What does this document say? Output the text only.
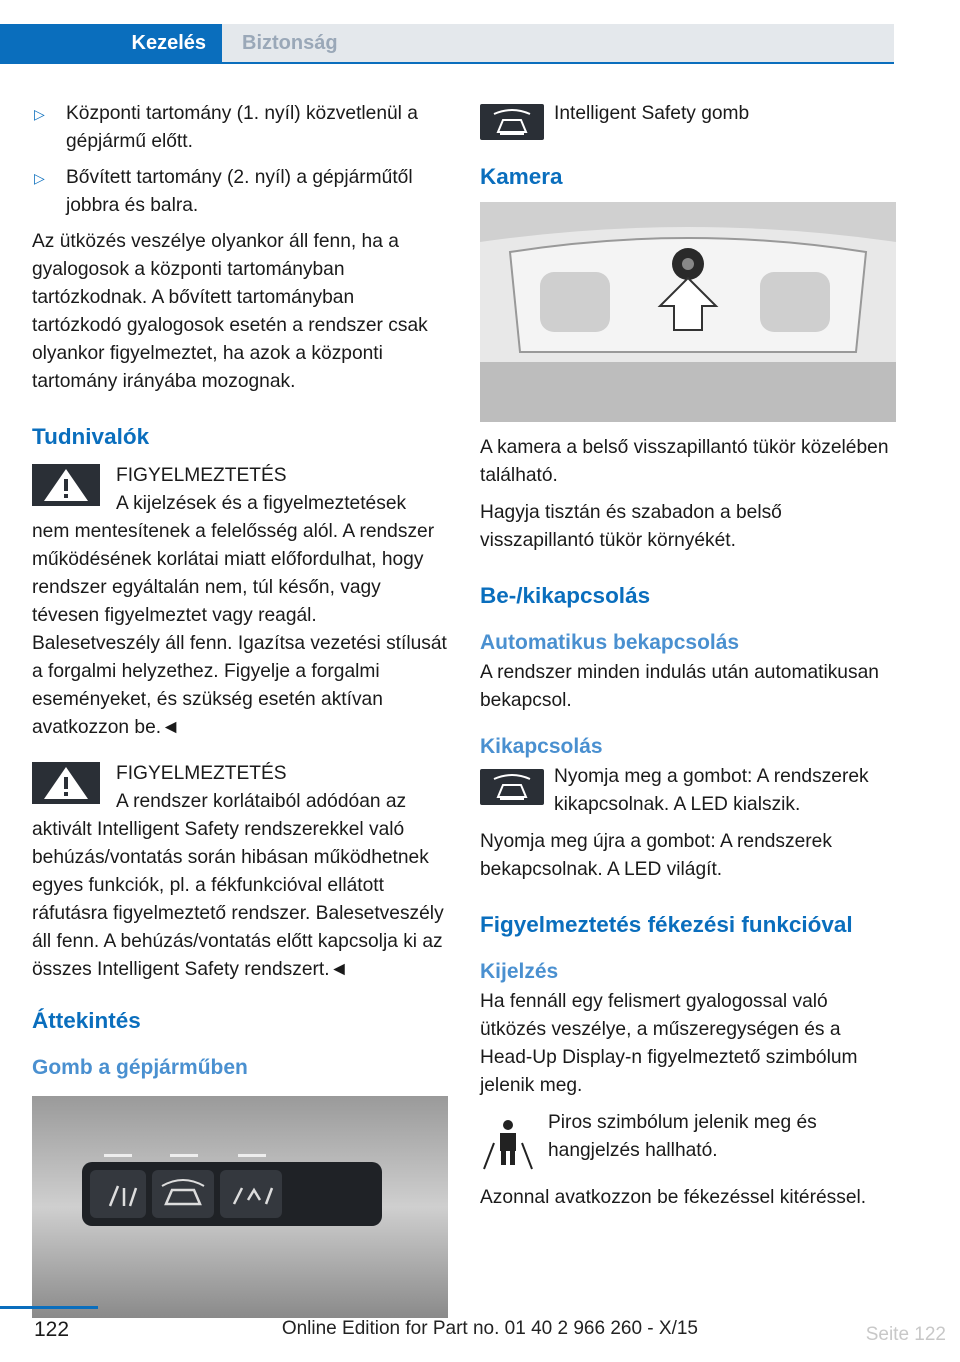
Kezelés	Biztonság
▷ Központi tartomány (1. nyíl) közvetlenül a gépjármű előtt.
▷ Bővített tartomány (2. nyíl) a gépjárműtől jobbra és balra.

Az ütközés veszélye olyankor áll fenn, ha a gyalogosok a központi tartományban tartózkodnak. A bővített tartományban tartózkodó gyalogosok esetén a rendszer csak olyankor figyelmeztet, ha azok a központi tartomány irányába mozognak.

Tudnivalók
FIGYELMEZTETÉS
A kijelzések és a figyelmeztetések nem mentesítenek a felelősség alól. A rendszer működésének korlátai miatt előfordulhat, hogy rendszer egyáltalán nem, túl későn, vagy tévesen figyelmeztet vagy reagál. Balesetveszély áll fenn. Igazítsa vezetési stílusát a forgalmi helyzethez. Figyelje a forgalmi eseményeket, és szükség esetén aktívan avatkozzon be.◄
FIGYELMEZTETÉS
A rendszer korlátaiból adódóan az aktivált Intelligent Safety rendszerekkel való behúzás/vontatás során hibásan működhetnek egyes funkciók, pl. a fékfunkcióval ellátott ráfutásra figyelmeztető rendszer. Balesetveszély áll fenn. A behúzás/vontatás előtt kapcsolja ki az összes Intelligent Safety rendszert.◄
Áttekintés
Gomb a gépjárműben
Intelligent Safety gomb
Kamera

A kamera a belső visszapillantó tükör közelében található.

Hagyja tisztán és szabadon a belső visszapillantó tükör környékét.

Be-/kikapcsolás
Automatikus bekapcsolás

A rendszer minden indulás után automatikusan bekapcsol.

Kikapcsolás
Nyomja meg a gombot: A rendszerek kikapcsolnak. A LED kialszik.

Nyomja meg újra a gombot: A rendszerek bekapcsolnak. A LED világít.

Figyelmeztetés fékezési funkcióval
Kijelzés

Ha fennáll egy felismert gyalogossal való ütközés veszélye, a műszeregységen és a Head-Up Display-n figyelmeztető szimbólum jelenik meg.

Piros szimbólum jelenik meg és hangjelzés hallható.

Azonnal avatkozzon be fékezéssel kitéréssel.

122	Online Edition for Part no. 01 40 2 966 260 - X/15	Seite 122
